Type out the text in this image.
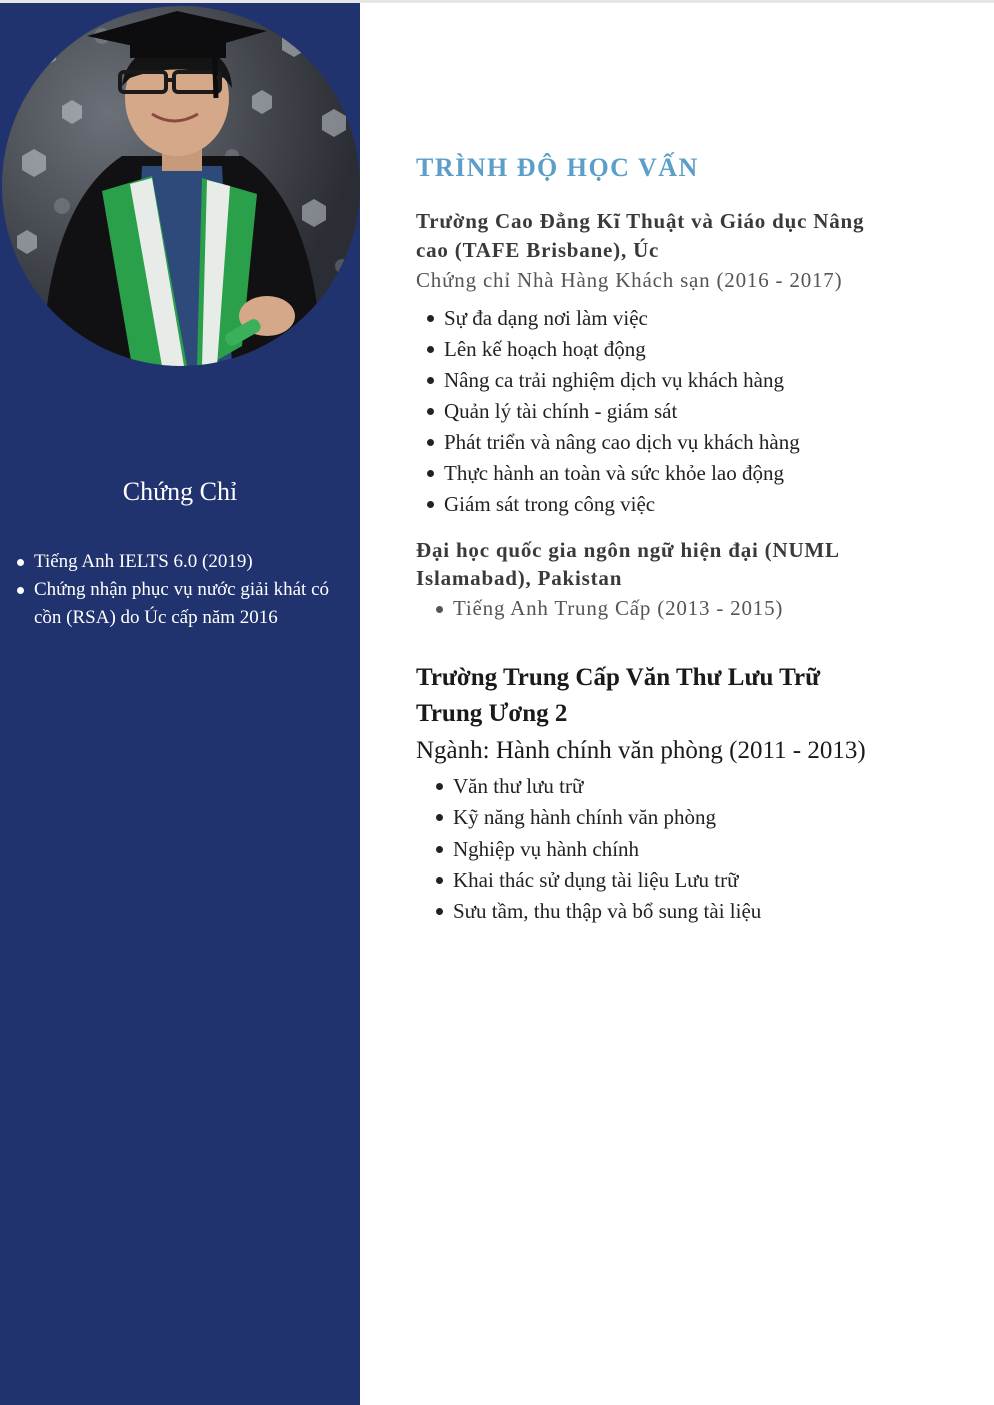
Chứng Chỉ
Tiếng Anh IELTS 6.0 (2019)
Chứng nhận phục vụ nước giải khát có cồn (RSA) do Úc cấp năm 2016
TRÌNH ĐỘ HỌC VẤN
Trường Cao Đẳng Kĩ Thuật và Giáo dục Nâng cao (TAFE Brisbane), Úc
Chứng chỉ Nhà Hàng Khách sạn (2016 - 2017)
Sự đa dạng nơi làm việc
Lên kế hoạch hoạt động
Nâng ca trải nghiệm dịch vụ khách hàng
Quản lý tài chính - giám sát
Phát triển và nâng cao dịch vụ khách hàng
Thực hành an toàn và sức khỏe lao động
Giám sát trong công việc
Đại học quốc gia ngôn ngữ hiện đại (NUML Islamabad), Pakistan
Tiếng Anh Trung Cấp (2013 - 2015)
Trường Trung Cấp Văn Thư Lưu Trữ Trung Ương 2
Ngành: Hành chính văn phòng (2011 - 2013)
Văn thư lưu trữ
Kỹ năng hành chính văn phòng
Nghiệp vụ hành chính
Khai thác sử dụng tài liệu Lưu trữ
Sưu tầm, thu thập và bổ sung tài liệu
